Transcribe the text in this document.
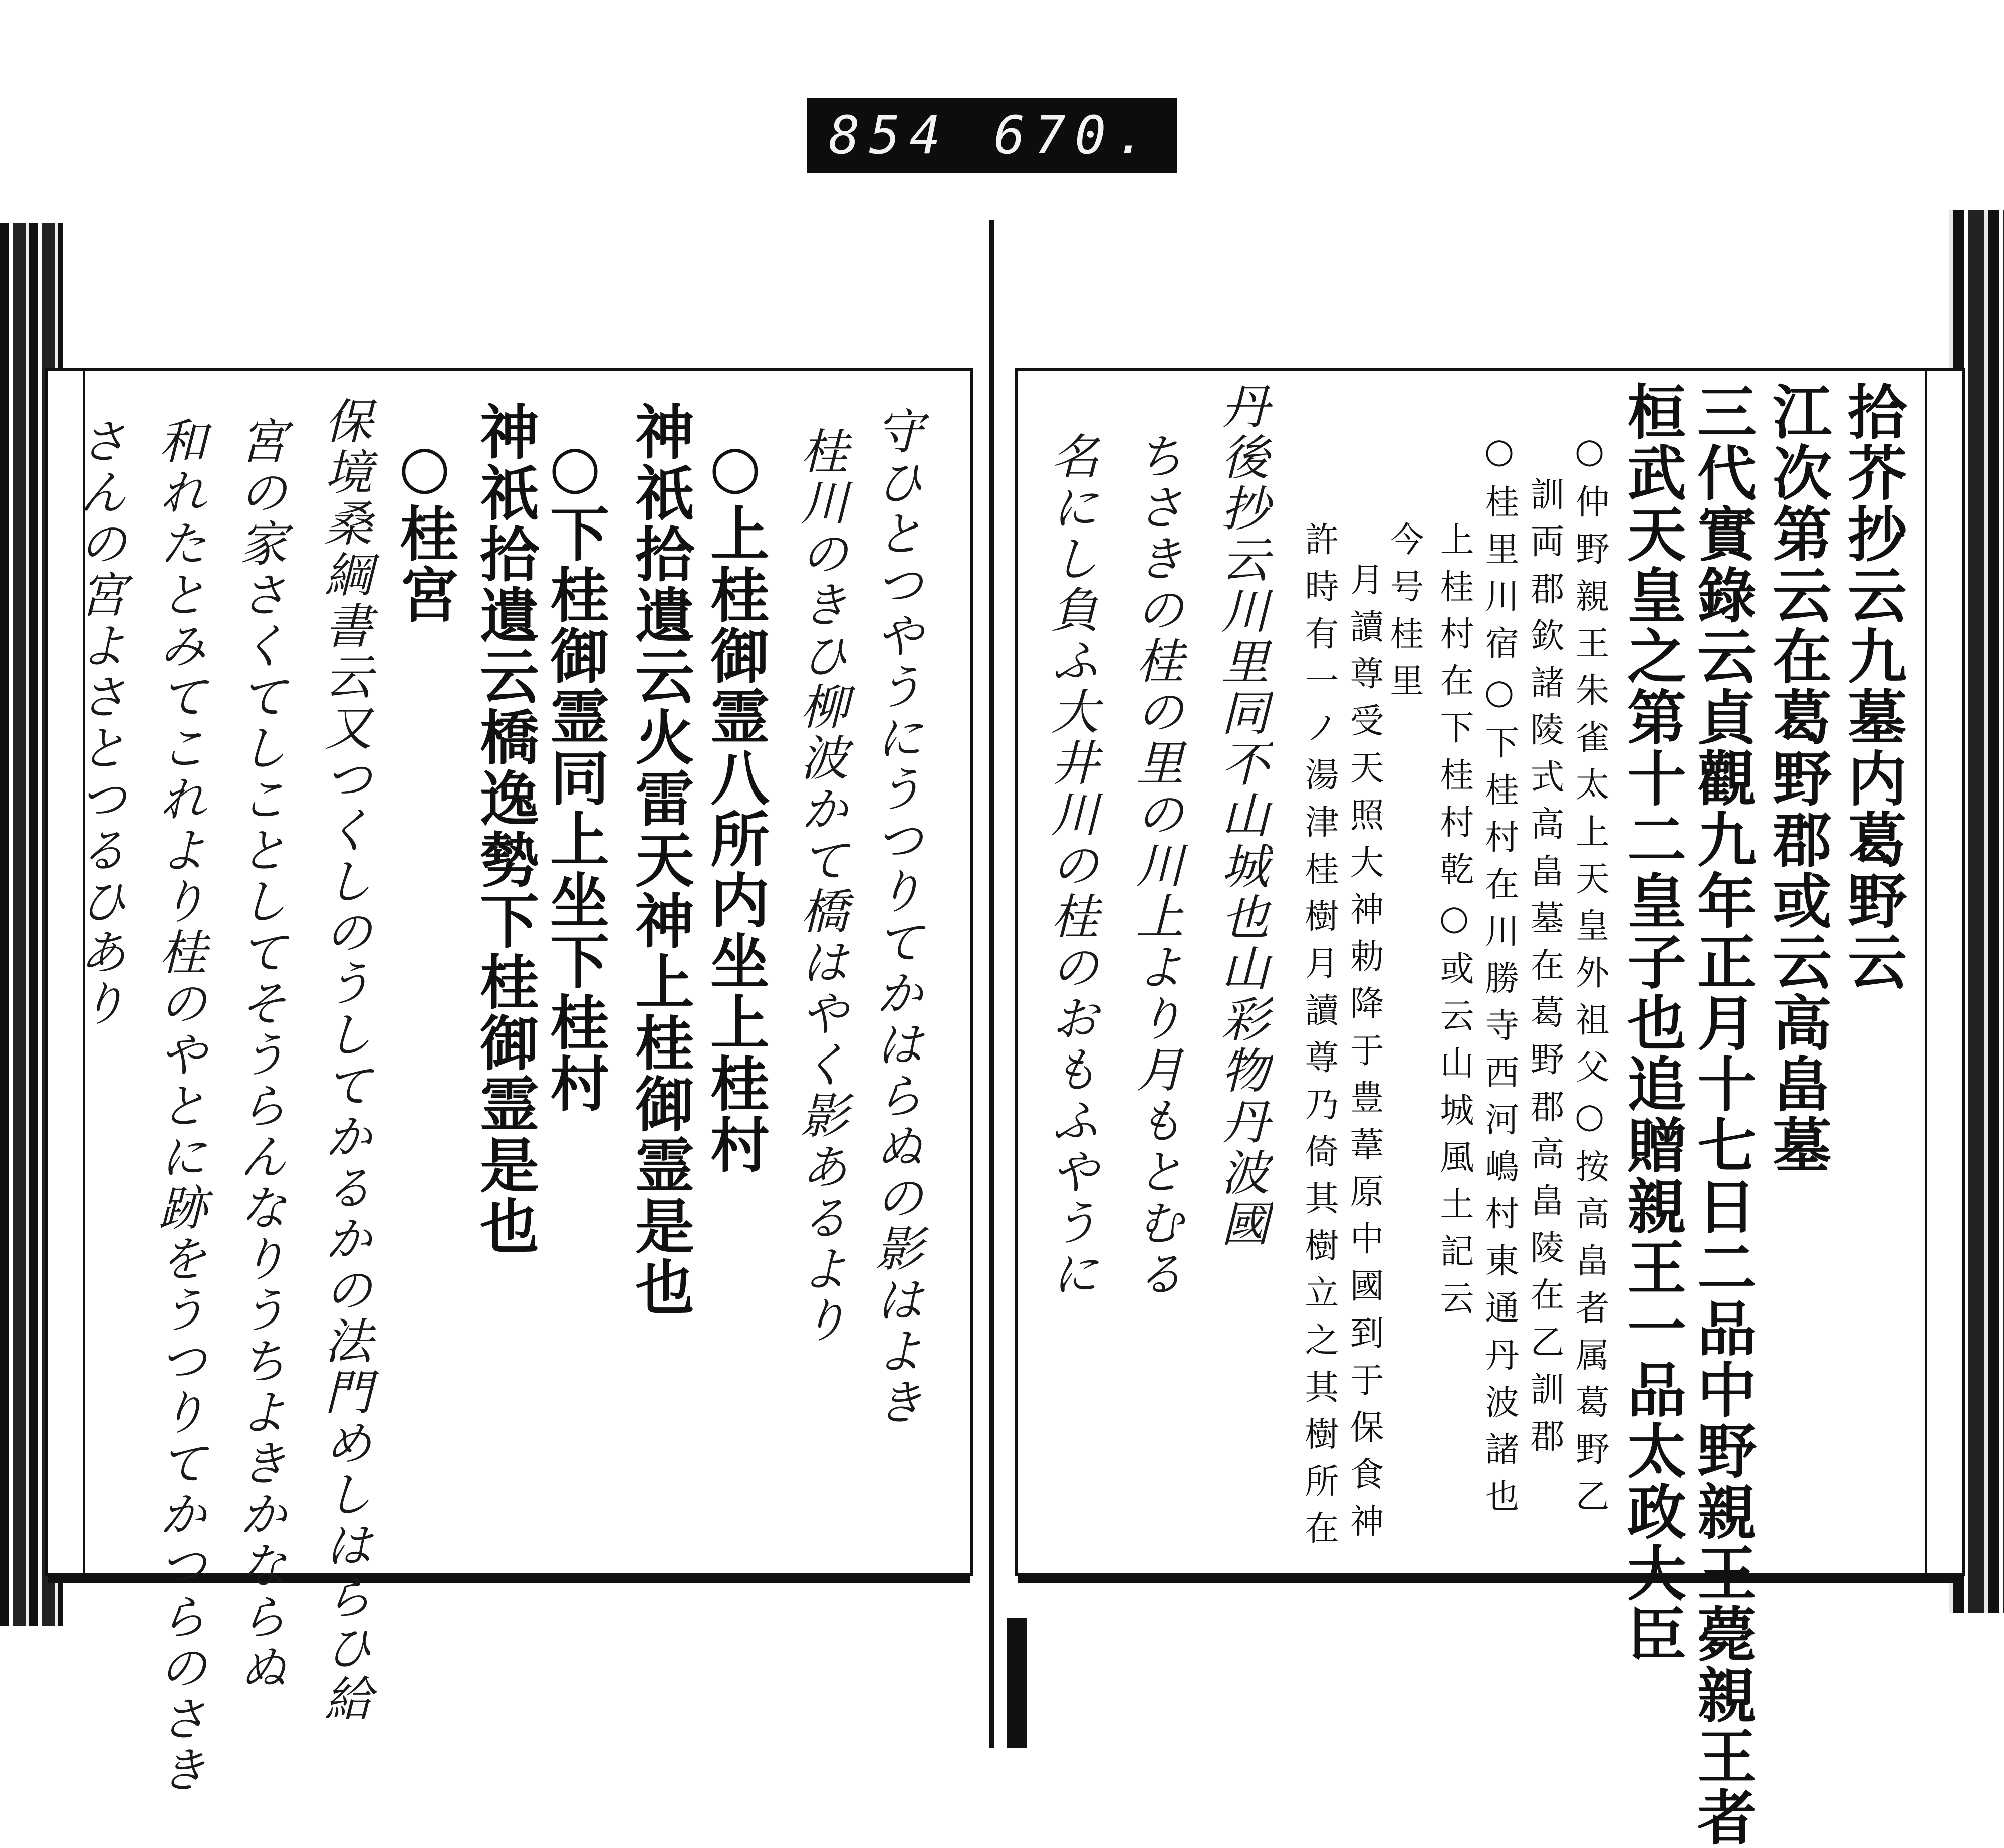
854 670.
守ひとつやうにうつりてかはらぬの影はよき
桂川のきひ柳波かて橋はやく影あるより
○上桂御霊八所内坐上桂村
神祇拾遺云火雷天神上桂御霊是也
○下桂御霊同上坐下桂村
神祇拾遺云橋逸勢下桂御霊是也
○桂宮
保境桑綱書云又つくしのうしてかるかの法門めしはらひ給
宮の家さくてしことしてそうらんなりうちよきかならぬ
和れたとみてこれより桂のやとに跡をうつりてかつらのさき
さんの宮よさとつるひあり	拾芥抄云九墓内葛野云
江次第云在葛野郡或云高畠墓
三代實錄云貞觀九年正月十七日二品中野親王薨親王者
桓武天皇之第十二皇子也追贈親王一品太政大臣
○仲野親王朱雀太上天皇外祖父○按高畠者属葛野乙
訓両郡欽諸陵式高畠墓在葛野郡高畠陵在乙訓郡
○桂里川宿○下桂村在川勝寺西河嶋村東通丹波諸也
上桂村在下桂村乾○或云山城風土記云
今号桂里
月讀尊受天照大神勅降于豊葦原中國到于保食神
許時有一ノ湯津桂樹月讀尊乃倚其樹立之其樹所在
丹後抄云川里同不山城也山彩物丹波國
ちさきの桂の里の川上より月もとむる
名にし負ふ大井川の桂のおもふやうに
